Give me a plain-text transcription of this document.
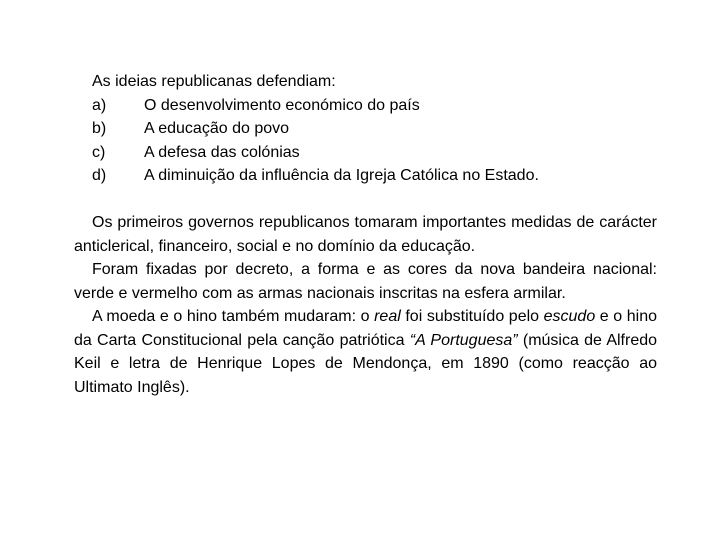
As ideias republicanas defendiam:
a) O desenvolvimento económico do país
b) A educação do povo
c) A defesa das colónias
d) A diminuição da influência da Igreja Católica no Estado.

Os primeiros governos republicanos tomaram importantes medidas de carácter anticlerical, financeiro, social e no domínio da educação.

Foram fixadas por decreto, a forma e as cores da nova bandeira nacional: verde e vermelho com as armas nacionais inscritas na esfera armilar.

A moeda e o hino também mudaram: o real foi substituído pelo escudo e o hino da Carta Constitucional pela canção patriótica “A Portuguesa” (música de Alfredo Keil e letra de Henrique Lopes de Mendonça, em 1890 (como reacção ao Ultimato Inglês).
